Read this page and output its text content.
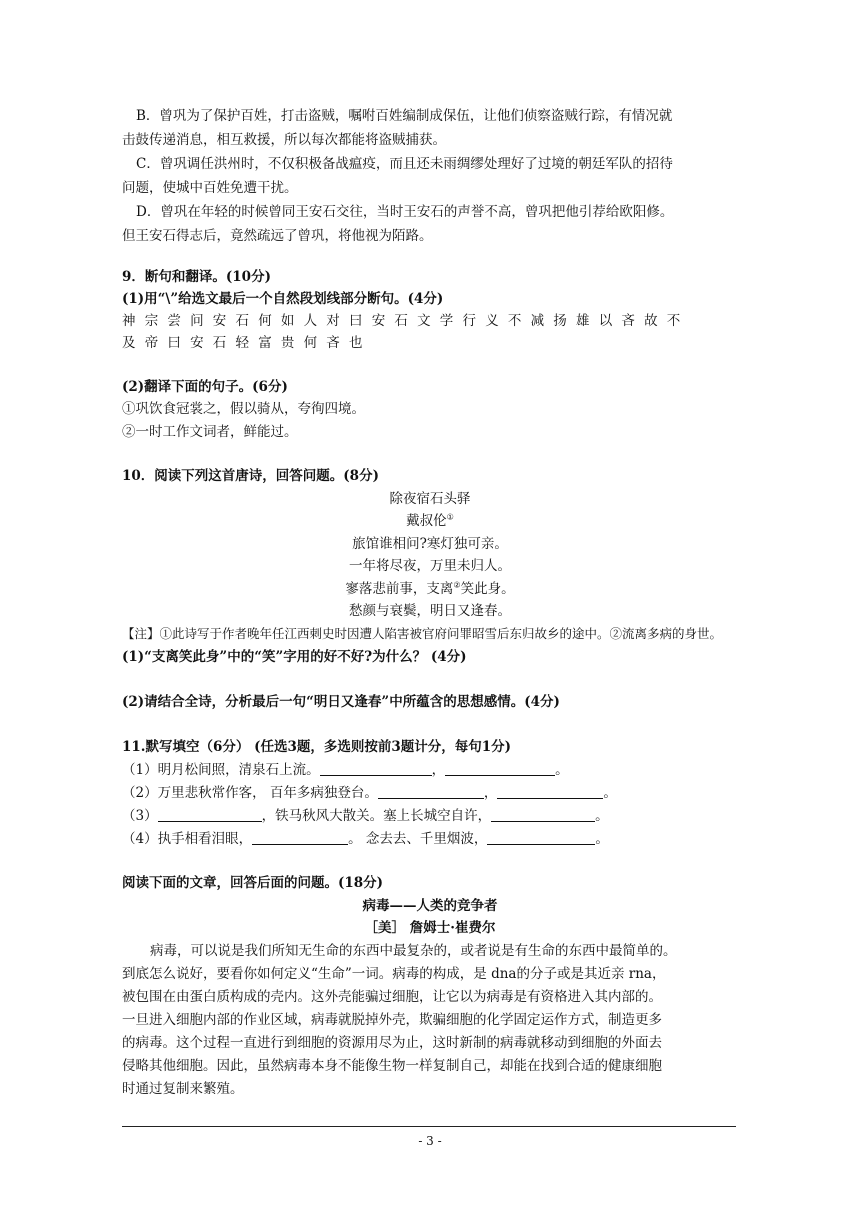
B．曾巩为了保护百姓，打击盗贼，嘱咐百姓编制成保伍，让他们侦察盗贼行踪，有情况就
击鼓传递消息，相互救援，所以每次都能将盗贼捕获。
C．曾巩调任洪州时，不仅积极备战瘟疫，而且还未雨绸缪处理好了过境的朝廷军队的招待
问题，使城中百姓免遭干扰。
D．曾巩在年轻的时候曾同王安石交往，当时王安石的声誉不高，曾巩把他引荐给欧阳修。
但王安石得志后，竟然疏远了曾巩，将他视为陌路。
9．断句和翻译。(10分)
(1)用“\”给选文最后一个自然段划线部分断句。(4分)
神宗尝问安石何如人对曰安石文学行义不减扬雄以吝故不
及帝曰安石轻富贵何吝也
(2)翻译下面的句子。(6分)
①巩饮食冠裳之，假以骑从，夸徇四境。
②一时工作文词者，鲜能过。
10．阅读下列这首唐诗，回答问题。(8分)
除夜宿石头驿
戴叔伦①
旅馆谁相问?寒灯独可亲。
一年将尽夜，万里未归人。
寥落悲前事，支离②笑此身。
愁颜与衰鬓，明日又逢春。
【注】①此诗写于作者晚年任江西刺史时因遭人陷害被官府问罪昭雪后东归故乡的途中。②流离多病的身世。
(1)“支离笑此身”中的“笑”字用的好不好?为什么？ (4分)
(2)请结合全诗，分析最后一句“明日又逢春”中所蕴含的思想感情。(4分)
11.默写填空（6分） (任选3题，多选则按前3题计分，每句1分)
（1）明月松间照，清泉石上流。	，	。
（2）万里悲秋常作客， 百年多病独登台。	，	。
（3）	，铁马秋风大散关。塞上长城空自许，	。
（4）执手相看泪眼，	。 念去去、千里烟波，	。
阅读下面的文章，回答后面的问题。(18分)
病毒——人类的竞争者
［美］ 詹姆士·崔费尔
病毒，可以说是我们所知无生命的东西中最复杂的，或者说是有生命的东西中最简单的。
到底怎么说好，要看你如何定义“生命”一词。病毒的构成，是 dna的分子或是其近亲 rna，
被包围在由蛋白质构成的壳内。这外壳能骗过细胞，让它以为病毒是有资格进入其内部的。
一旦进入细胞内部的作业区域，病毒就脱掉外壳，欺骗细胞的化学固定运作方式，制造更多
的病毒。这个过程一直进行到细胞的资源用尽为止，这时新制的病毒就移动到细胞的外面去
侵略其他细胞。因此，虽然病毒本身不能像生物一样复制自己，却能在找到合适的健康细胞
时通过复制来繁殖。
- 3 -
